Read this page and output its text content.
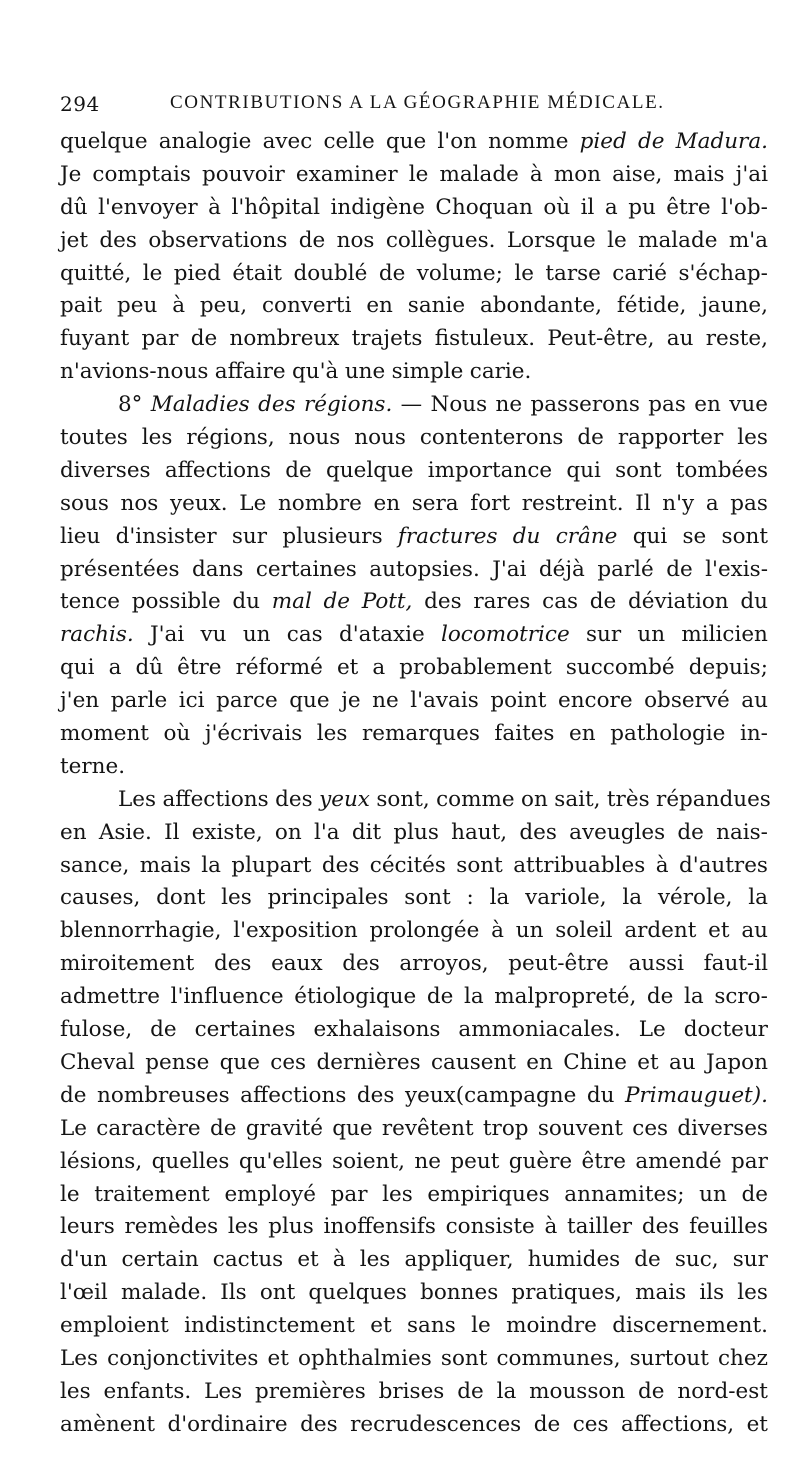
294	CONTRIBUTIONS A LA GÉOGRAPHIE MÉDICALE.
quelque analogie avec celle que l'on nomme pied de Madura.
Je comptais pouvoir examiner le malade à mon aise, mais j'ai
dû l'envoyer à l'hôpital indigène Choquan où il a pu être l'ob-
jet des observations de nos collègues. Lorsque le malade m'a
quitté, le pied était doublé de volume; le tarse carié s'échap-
pait peu à peu, converti en sanie abondante, fétide, jaune,
fuyant par de nombreux trajets fistuleux. Peut-être, au reste,
n'avions-nous affaire qu'à une simple carie.
8° Maladies des régions. — Nous ne passerons pas en vue
toutes les régions, nous nous contenterons de rapporter les
diverses affections de quelque importance qui sont tombées
sous nos yeux. Le nombre en sera fort restreint. Il n'y a pas
lieu d'insister sur plusieurs fractures du crâne qui se sont
présentées dans certaines autopsies. J'ai déjà parlé de l'exis-
tence possible du mal de Pott, des rares cas de déviation du
rachis. J'ai vu un cas d'ataxie locomotrice sur un milicien
qui a dû être réformé et a probablement succombé depuis;
j'en parle ici parce que je ne l'avais point encore observé au
moment où j'écrivais les remarques faites en pathologie in-
terne.
Les affections des yeux sont, comme on sait, très répandues
en Asie. Il existe, on l'a dit plus haut, des aveugles de nais-
sance, mais la plupart des cécités sont attribuables à d'autres
causes, dont les principales sont : la variole, la vérole, la
blennorrhagie, l'exposition prolongée à un soleil ardent et au
miroitement des eaux des arroyos, peut-être aussi faut-il
admettre l'influence étiologique de la malpropreté, de la scro-
fulose, de certaines exhalaisons ammoniacales. Le docteur
Cheval pense que ces dernières causent en Chine et au Japon
de nombreuses affections des yeux(campagne du Primauguet).
Le caractère de gravité que revêtent trop souvent ces diverses
lésions, quelles qu'elles soient, ne peut guère être amendé par
le traitement employé par les empiriques annamites; un de
leurs remèdes les plus inoffensifs consiste à tailler des feuilles
d'un certain cactus et à les appliquer, humides de suc, sur
l'œil malade. Ils ont quelques bonnes pratiques, mais ils les
emploient indistinctement et sans le moindre discernement.
Les conjonctivites et ophthalmies sont communes, surtout chez
les enfants. Les premières brises de la mousson de nord-est
amènent d'ordinaire des recrudescences de ces affections, et
